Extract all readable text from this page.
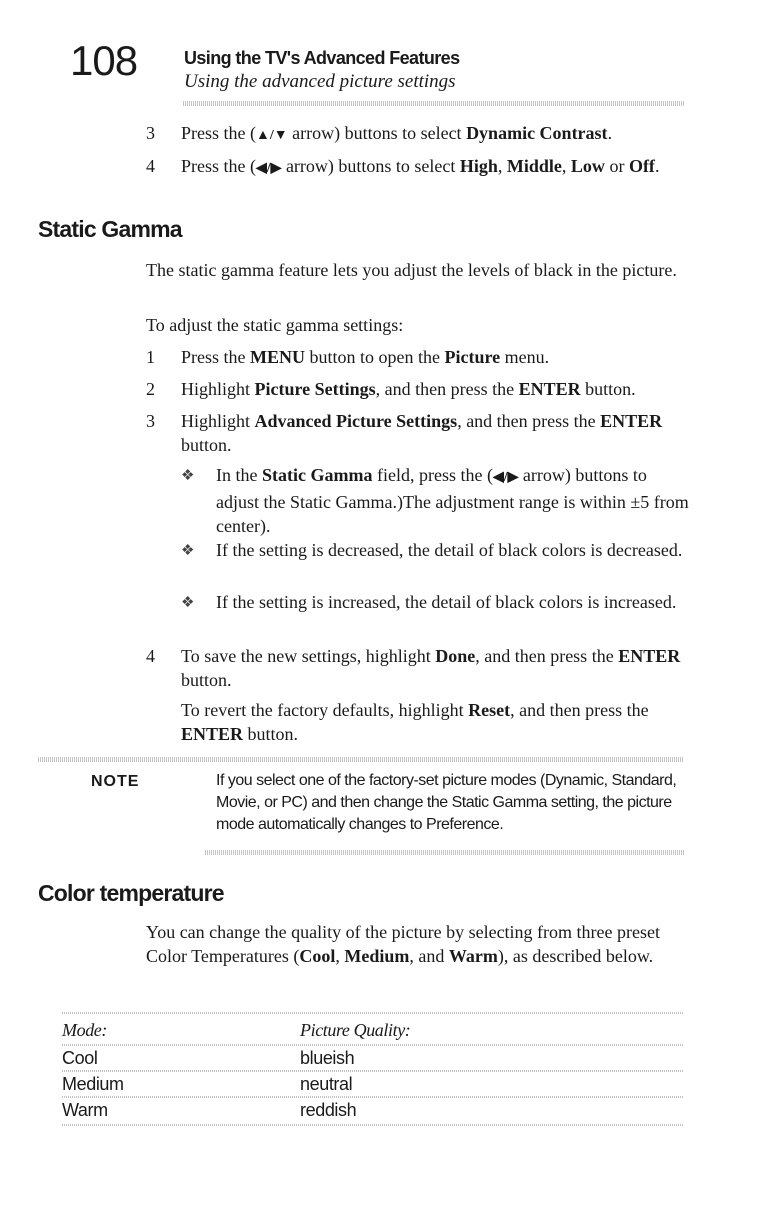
108	Using the TV's Advanced Features
Using the advanced picture settings
3 Press the (▲/▼ arrow) buttons to select Dynamic Contrast.
4 Press the (◀/▶ arrow) buttons to select High, Middle, Low or Off.
Static Gamma
The static gamma feature lets you adjust the levels of black in the picture.
To adjust the static gamma settings:
1 Press the MENU button to open the Picture menu.
2 Highlight Picture Settings, and then press the ENTER button.
3 Highlight Advanced Picture Settings, and then press the ENTER button.
❖ In the Static Gamma field, press the (◀/▶ arrow) buttons to adjust the Static Gamma.)The adjustment range is within ±5 from center).
❖ If the setting is decreased, the detail of black colors is decreased.
❖ If the setting is increased, the detail of black colors is increased.
4 To save the new settings, highlight Done, and then press the ENTER button.
To revert the factory defaults, highlight Reset, and then press the ENTER button.
NOTE	If you select one of the factory-set picture modes (Dynamic, Standard, Movie, or PC) and then change the Static Gamma setting, the picture mode automatically changes to Preference.
Color temperature
You can change the quality of the picture by selecting from three preset Color Temperatures (Cool, Medium, and Warm), as described below.
Mode:	Picture Quality:
Cool	blueish
Medium	neutral
Warm	reddish
